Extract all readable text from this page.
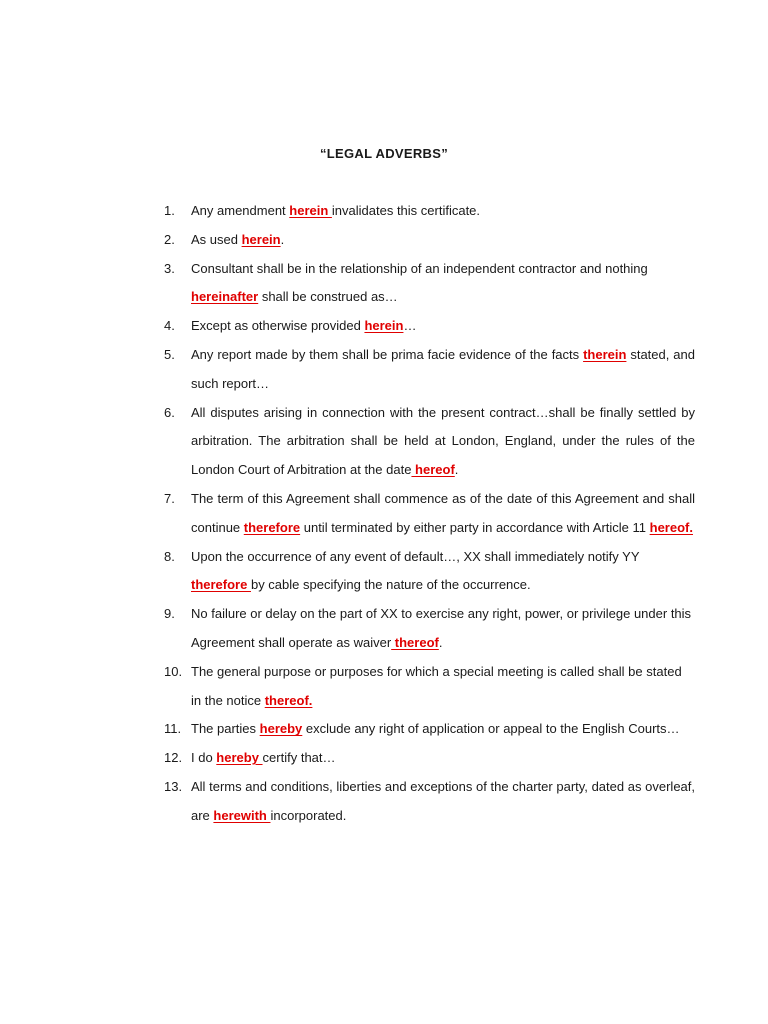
“LEGAL ADVERBS”
1. Any amendment herein invalidates this certificate.
2. As used herein.
3. Consultant shall be in the relationship of an independent contractor and nothing hereinafter shall be construed as…
4. Except as otherwise provided herein…
5. Any report made by them shall be prima facie evidence of the facts therein stated, and such report…
6. All disputes arising in connection with the present contract…shall be finally settled by arbitration. The arbitration shall be held at London, England, under the rules of the London Court of Arbitration at the date hereof.
7. The term of this Agreement shall commence as of the date of this Agreement and shall continue therefore until terminated by either party in accordance with Article 11 hereof.
8. Upon the occurrence of any event of default…, XX shall immediately notify YY therefore by cable specifying the nature of the occurrence.
9. No failure or delay on the part of XX to exercise any right, power, or privilege under this Agreement shall operate as waiver thereof.
10. The general purpose or purposes for which a special meeting is called shall be stated in the notice thereof.
11. The parties hereby exclude any right of application or appeal to the English Courts…
12. I do hereby certify that…
13. All terms and conditions, liberties and exceptions of the charter party, dated as overleaf, are herewith incorporated.
